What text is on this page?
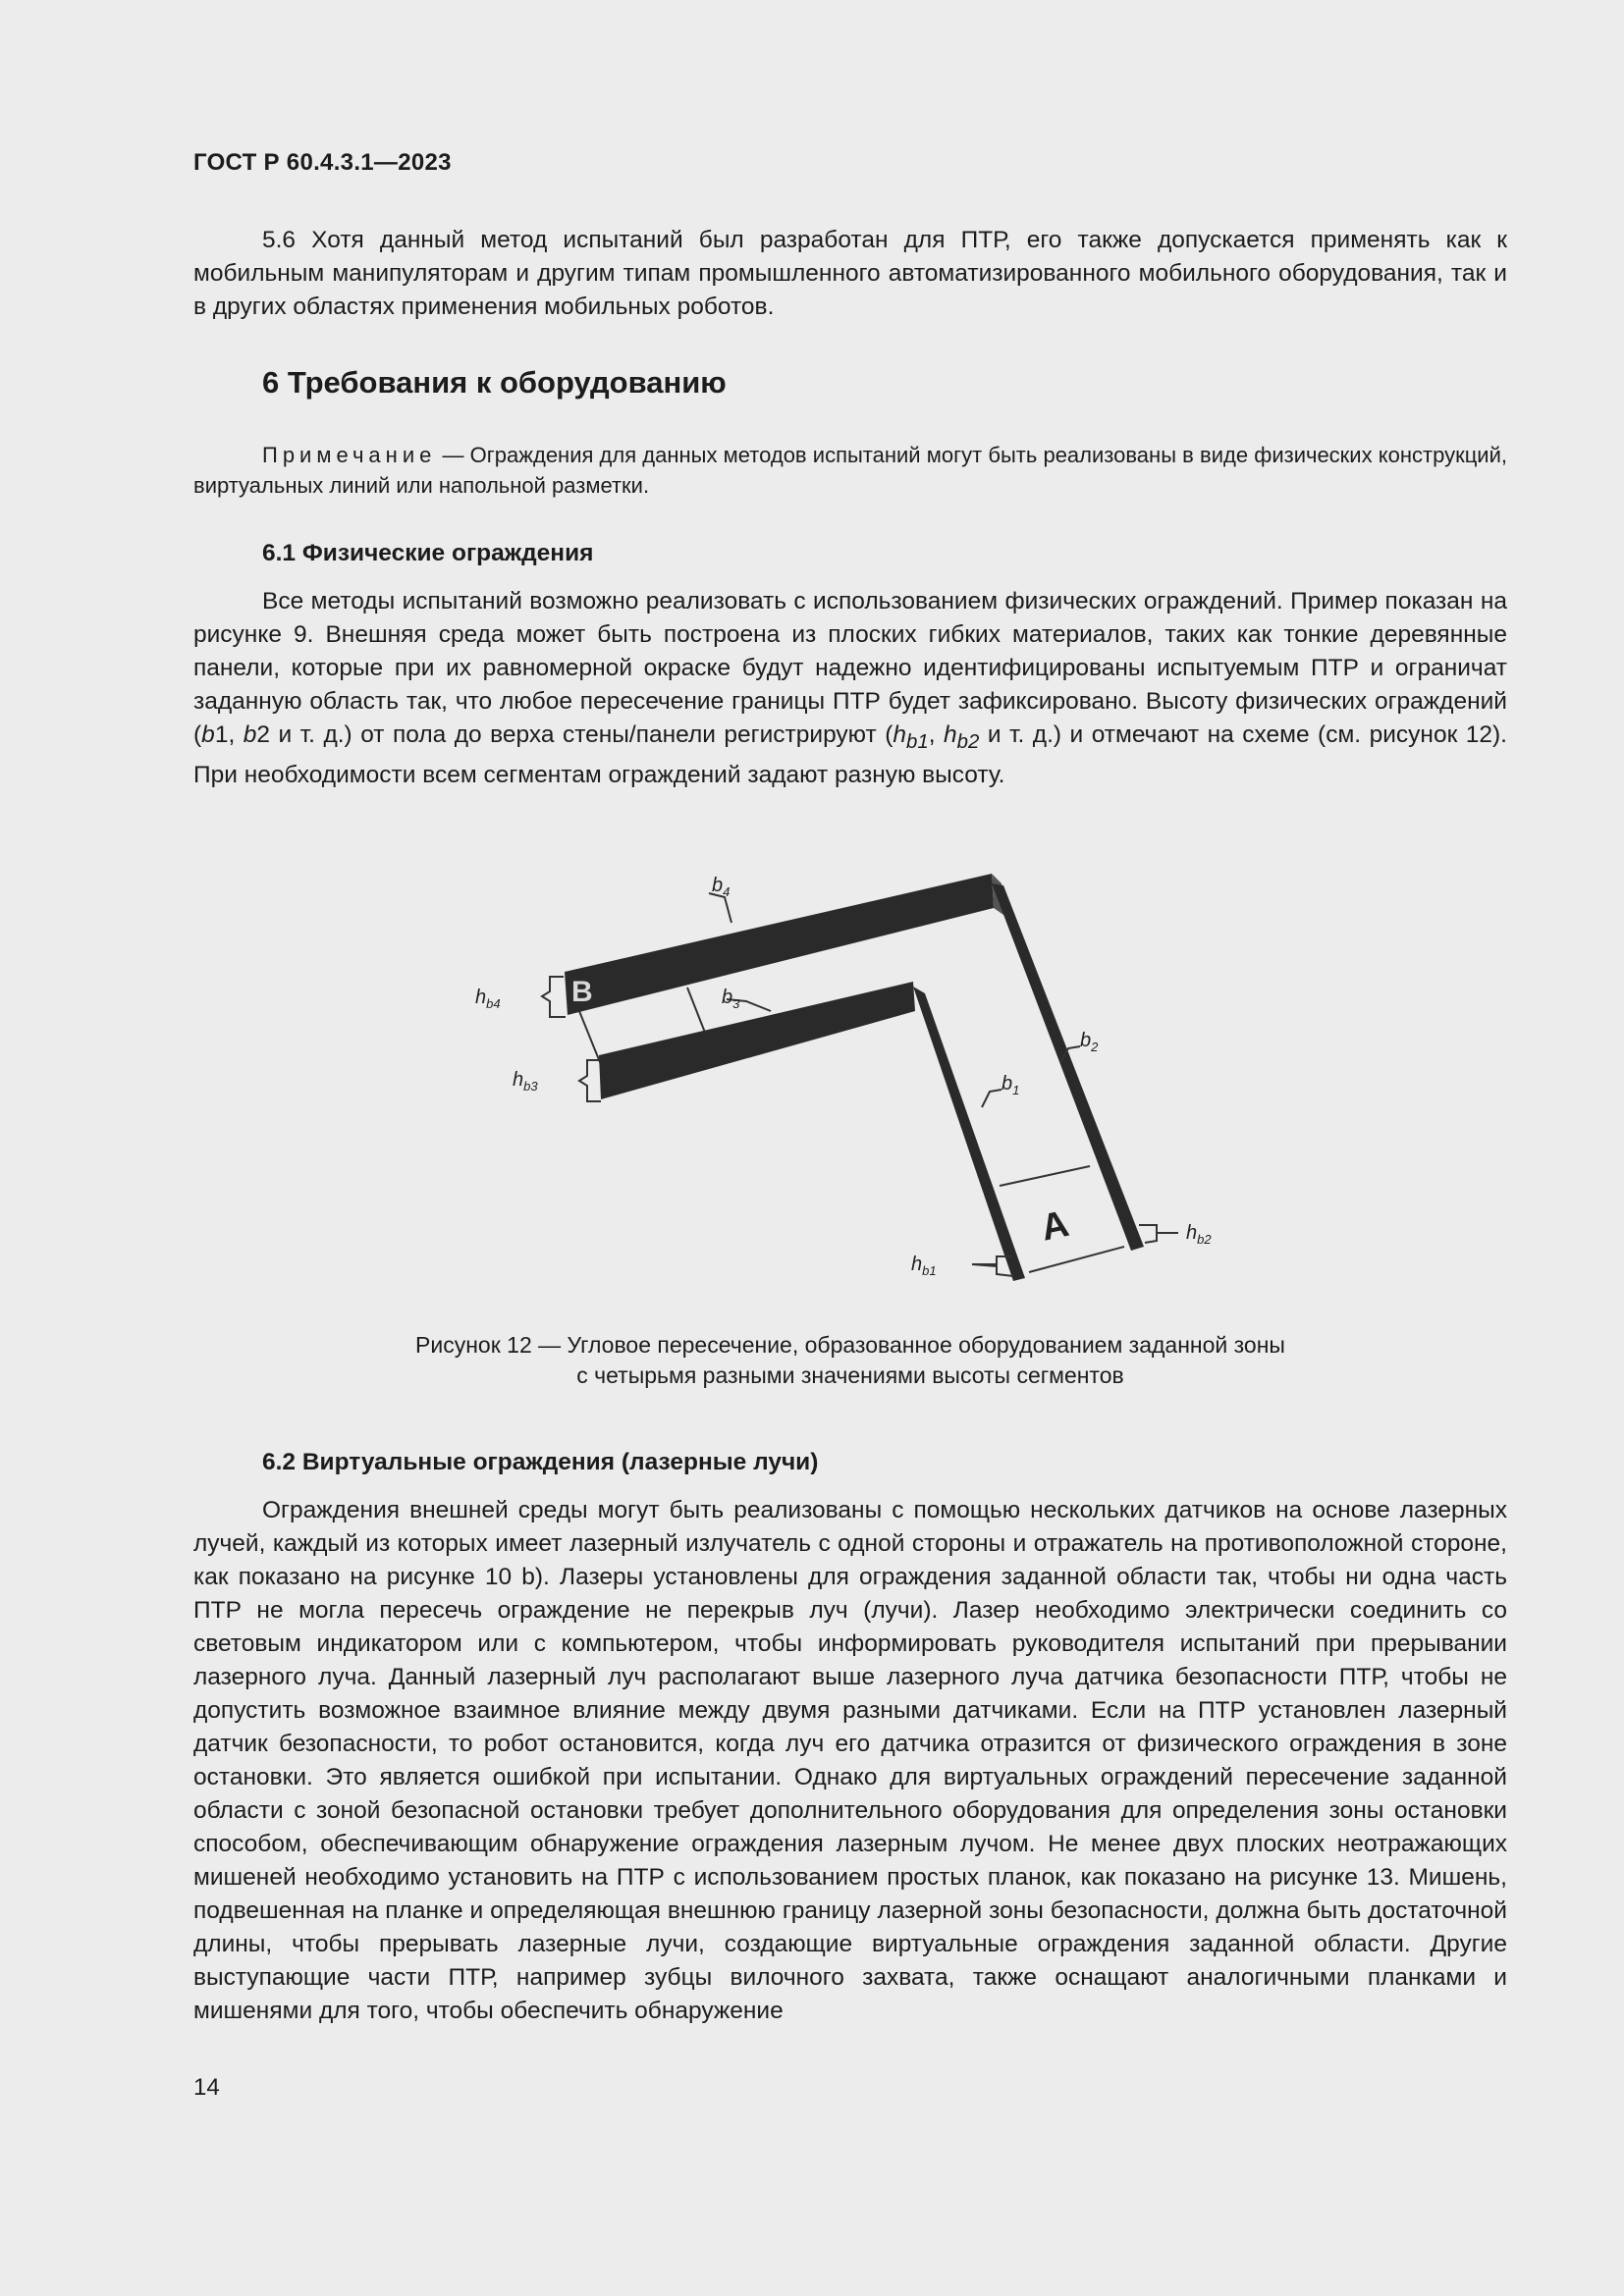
ГОСТ Р 60.4.3.1—2023

5.6 Хотя данный метод испытаний был разработан для ПТР, его также допускается применять как к мобильным манипуляторам и другим типам промышленного автоматизированного мобильного оборудования, так и в других областях применения мобильных роботов.

6 Требования к оборудованию
Примечание — Ограждения для данных методов испытаний могут быть реализованы в виде физических конструкций, виртуальных линий или напольной разметки.
6.1 Физические ограждения

Все методы испытаний возможно реализовать с использованием физических ограждений. Пример показан на рисунке 9. Внешняя среда может быть построена из плоских гибких материалов, таких как тонкие деревянные панели, которые при их равномерной окраске будут надежно идентифицированы испытуемым ПТР и ограничат заданную область так, что любое пересечение границы ПТР будет зафиксировано. Высоту физических ограждений (b1, b2 и т. д.) от пола до верха стены/панели регистрируют ($h_{b1}$, $h_{b2}$ и т. д.) и отмечают на схеме (см. рисунок 12). При необходимости всем сегментам ограждений задают разную высоту.

B
A
$b_4$
$b_3$
$b_2$
$b_1$
$h_{b4}$
$h_{b3}$
$h_{b1}$
$h_{b2}$
Рисунок 12 — Угловое пересечение, образованное оборудованием заданной зоны
с четырьмя разными значениями высоты сегментов
6.2 Виртуальные ограждения (лазерные лучи)

Ограждения внешней среды могут быть реализованы с помощью нескольких датчиков на основе лазерных лучей, каждый из которых имеет лазерный излучатель с одной стороны и отражатель на противоположной стороне, как показано на рисунке 10 b). Лазеры установлены для ограждения заданной области так, чтобы ни одна часть ПТР не могла пересечь ограждение не перекрыв луч (лучи). Лазер необходимо электрически соединить со световым индикатором или с компьютером, чтобы информировать руководителя испытаний при прерывании лазерного луча. Данный лазерный луч располагают выше лазерного луча датчика безопасности ПТР, чтобы не допустить возможное взаимное влияние между двумя разными датчиками. Если на ПТР установлен лазерный датчик безопасности, то робот остановится, когда луч его датчика отразится от физического ограждения в зоне остановки. Это является ошибкой при испытании. Однако для виртуальных ограждений пересечение заданной области с зоной безопасной остановки требует дополнительного оборудования для определения зоны остановки способом, обеспечивающим обнаружение ограждения лазерным лучом. Не менее двух плоских неотражающих мишеней необходимо установить на ПТР с использованием простых планок, как показано на рисунке 13. Мишень, подвешенная на планке и определяющая внешнюю границу лазерной зоны безопасности, должна быть достаточной длины, чтобы прерывать лазерные лучи, создающие виртуальные ограждения заданной области. Другие выступающие части ПТР, например зубцы вилочного захвата, также оснащают аналогичными планками и мишенями для того, чтобы обеспечить обнаружение

14
